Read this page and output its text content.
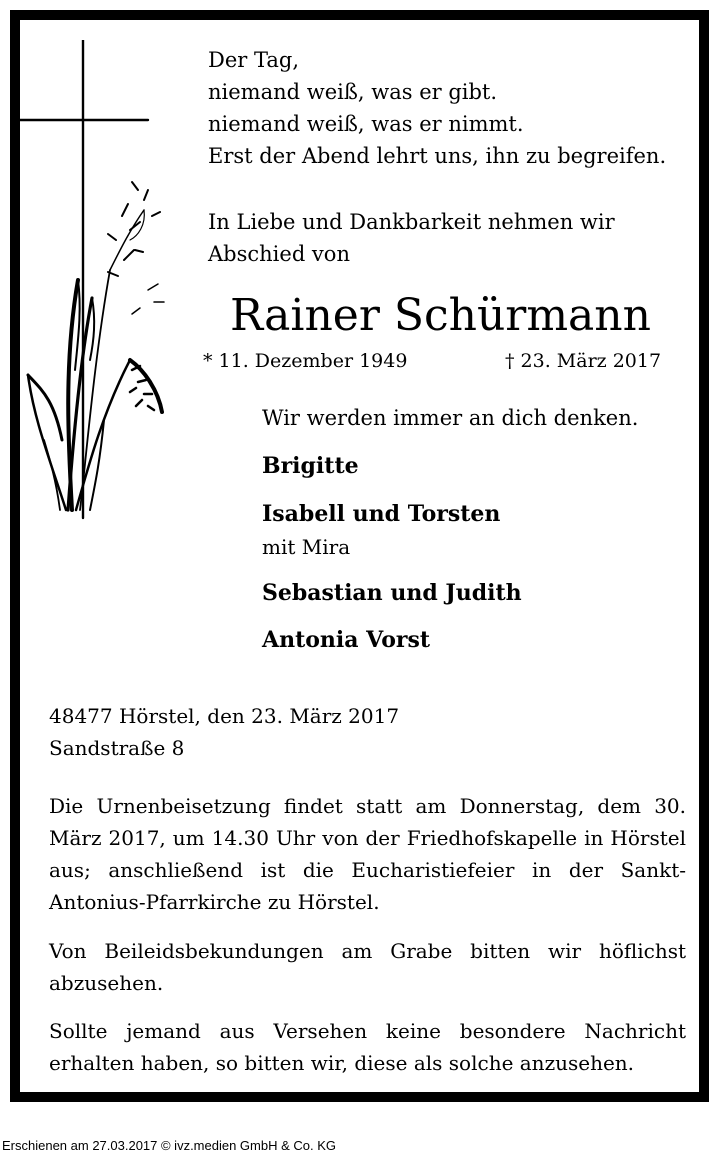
Der Tag,
niemand weiß, was er gibt.
niemand weiß, was er nimmt.
Erst der Abend lehrt uns, ihn zu begreifen.
In Liebe und Dankbarkeit nehmen wir
Abschied von
Rainer Schürmann
* 11. Dezember 1949	† 23. März 2017
Wir werden immer an dich denken.
Brigitte
Isabell und Torsten
mit Mira
Sebastian und Judith
Antonia Vorst
48477 Hörstel, den 23. März 2017
Sandstraße 8
Die Urnenbeisetzung findet statt am Donnerstag, dem 30. März 2017, um 14.30 Uhr von der Friedhofskapelle in Hörstel aus; anschließend ist die Eucharistiefeier in der Sankt-Antonius-Pfarrkirche zu Hörstel.
Von Beileidsbekundungen am Grabe bitten wir höflichst abzusehen.
Sollte jemand aus Versehen keine besondere Nachricht erhalten haben, so bitten wir, diese als solche anzusehen.
Erschienen am 27.03.2017 © ivz.medien GmbH & Co. KG
